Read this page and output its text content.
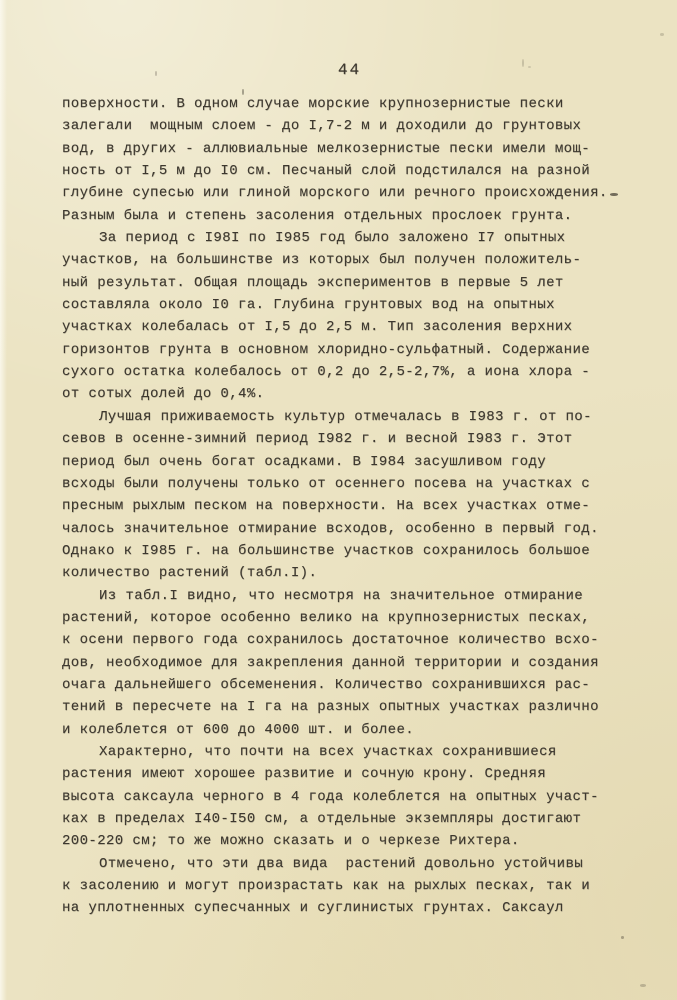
44
поверхности. В одном случае морские крупнозернистые пески
залегали  мощным слоем - до I,7-2 м и доходили до грунтовых
вод, в других - аллювиальные мелкозернистые пески имели мощ-
ность от I,5 м до I0 см. Песчаный слой подстилался на разной
глубине супесью или глиной морского или речного происхождения.
Разным была и степень засоления отдельных прослоек грунта.
За период с I98I по I985 год было заложено I7 опытных
участков, на большинстве из которых был получен положитель-
ный результат. Общая площадь экспериментов в первые 5 лет
составляла около I0 га. Глубина грунтовых вод на опытных
участках колебалась от I,5 до 2,5 м. Тип засоления верхних
горизонтов грунта в основном хлоридно-сульфатный. Содержание
сухого остатка колебалось от 0,2 до 2,5-2,7%, а иона хлора -
от сотых долей до 0,4%.
Лучшая приживаемость культур отмечалась в I983 г. от по-
севов в осенне-зимний период I982 г. и весной I983 г. Этот
период был очень богат осадками. В I984 засушливом году
всходы были получены только от осеннего посева на участках с
пресным рыхлым песком на поверхности. На всех участках отме-
чалось значительное отмирание всходов, особенно в первый год.
Однако к I985 г. на большинстве участков сохранилось большое
количество растений (табл.I).
Из табл.I видно, что несмотря на значительное отмирание
растений, которое особенно велико на крупнозернистых песках,
к осени первого года сохранилось достаточное количество всхо-
дов, необходимое для закрепления данной территории и создания
очага дальнейшего обсеменения. Количество сохранившихся рас-
тений в пересчете на I га на разных опытных участках различно
и колеблется от 600 до 4000 шт. и более.
Характерно, что почти на всех участках сохранившиеся
растения имеют хорошее развитие и сочную крону. Средняя
высота саксаула черного в 4 года колеблется на опытных участ-
ках в пределах I40-I50 см, а отдельные экземпляры достигают
200-220 см; то же можно сказать и о черкезе Рихтера.
Отмечено, что эти два вида  растений довольно устойчивы
к засолению и могут произрастать как на рыхлых песках, так и
на уплотненных супесчанных и суглинистых грунтах. Саксаул
